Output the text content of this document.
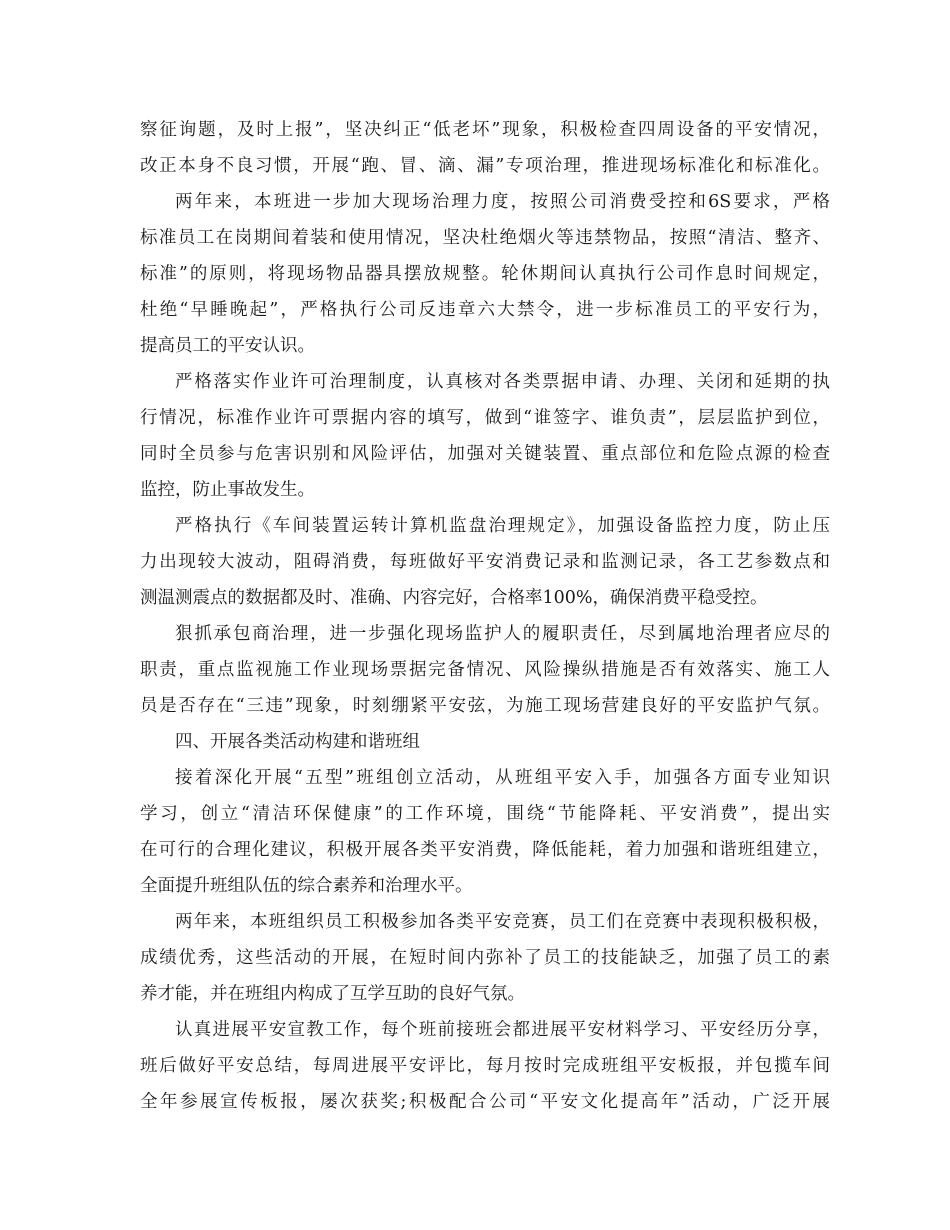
察征询题，及时上报”，坚决纠正“低老坏”现象，积极检查四周设备的平安情况，
改正本身不良习惯，开展“跑、冒、滴、漏”专项治理，推进现场标准化和标准化。
两年来，本班进一步加大现场治理力度，按照公司消费受控和6S要求，严格
标准员工在岗期间着装和使用情况，坚决杜绝烟火等违禁物品，按照“清洁、整齐、
标准”的原则，将现场物品器具摆放规整。轮休期间认真执行公司作息时间规定，
杜绝“早睡晚起”，严格执行公司反违章六大禁令，进一步标准员工的平安行为，
提高员工的平安认识。
严格落实作业许可治理制度，认真核对各类票据申请、办理、关闭和延期的执
行情况，标准作业许可票据内容的填写，做到“谁签字、谁负责”，层层监护到位，
同时全员参与危害识别和风险评估，加强对关键装置、重点部位和危险点源的检查
监控，防止事故发生。
严格执行《车间装置运转计算机监盘治理规定》，加强设备监控力度，防止压
力出现较大波动，阻碍消费，每班做好平安消费记录和监测记录，各工艺参数点和
测温测震点的数据都及时、准确、内容完好，合格率100%，确保消费平稳受控。
狠抓承包商治理，进一步强化现场监护人的履职责任，尽到属地治理者应尽的
职责，重点监视施工作业现场票据完备情况、风险操纵措施是否有效落实、施工人
员是否存在“三违”现象，时刻绷紧平安弦，为施工现场营建良好的平安监护气氛。
四、开展各类活动构建和谐班组
接着深化开展“五型”班组创立活动，从班组平安入手，加强各方面专业知识
学习，创立“清洁环保健康”的工作环境，围绕“节能降耗、平安消费”，提出实
在可行的合理化建议，积极开展各类平安消费，降低能耗，着力加强和谐班组建立，
全面提升班组队伍的综合素养和治理水平。
两年来，本班组织员工积极参加各类平安竞赛，员工们在竞赛中表现积极积极，
成绩优秀，这些活动的开展，在短时间内弥补了员工的技能缺乏，加强了员工的素
养才能，并在班组内构成了互学互助的良好气氛。
认真进展平安宣教工作，每个班前接班会都进展平安材料学习、平安经历分享，
班后做好平安总结，每周进展平安评比，每月按时完成班组平安板报，并包揽车间
全年参展宣传板报，屡次获奖;积极配合公司“平安文化提高年”活动，广泛开展
